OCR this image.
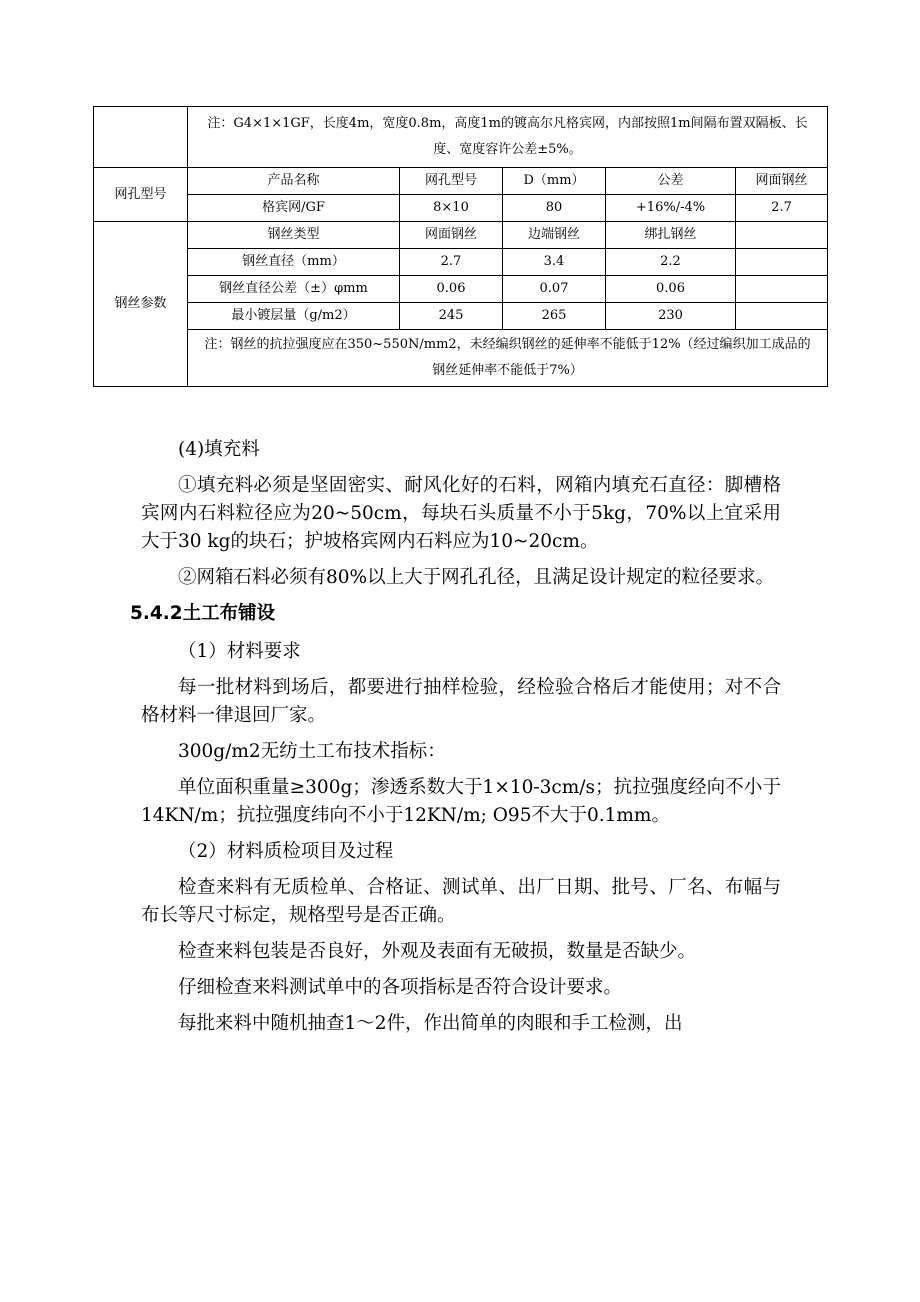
	注：G4×1×1GF，长度4m，宽度0.8m，高度1m的镀高尔凡格宾网，内部按照1m间隔布置双隔板、长度、宽度容许公差±5%。				
网孔型号	产品名称	网孔型号	D（mm）	公差	网面钢丝
	格宾网/GF	8×10	80	+16%/-4%	2.7
钢丝参数	钢丝类型	网面钢丝	边端钢丝	绑扎钢丝	
	钢丝直径（mm）	2.7	3.4	2.2	
	钢丝直径公差（±）φmm	0.06	0.07	0.06	
	最小镀层量（g/m2）	245	265	230	
	注：钢丝的抗拉强度应在350~550N/mm2，未经编织钢丝的延伸率不能低于12%（经过编织加工成品的钢丝延伸率不能低于7%）				

(4)填充料

①填充料必须是坚固密实、耐风化好的石料，网箱内填充石直径：脚槽格宾网内石料粒径应为20~50cm，每块石头质量不小于5kg，70%以上宜采用大于30 kg的块石；护坡格宾网内石料应为10~20cm。

②网箱石料必须有80%以上大于网孔孔径，且满足设计规定的粒径要求。

5.4.2土工布铺设

（1）材料要求

每一批材料到场后，都要进行抽样检验，经检验合格后才能使用；对不合格材料一律退回厂家。

300g/m2无纺土工布技术指标：

单位面积重量≥300g；渗透系数大于1×10-3cm/s；抗拉强度经向不小于14KN/m；抗拉强度纬向不小于12KN/m; O95不大于0.1mm。

（2）材料质检项目及过程

检查来料有无质检单、合格证、测试单、出厂日期、批号、厂名、布幅与布长等尺寸标定，规格型号是否正确。

检查来料包装是否良好，外观及表面有无破损，数量是否缺少。

仔细检查来料测试单中的各项指标是否符合设计要求。

每批来料中随机抽查1～2件，作出简单的肉眼和手工检测，出
